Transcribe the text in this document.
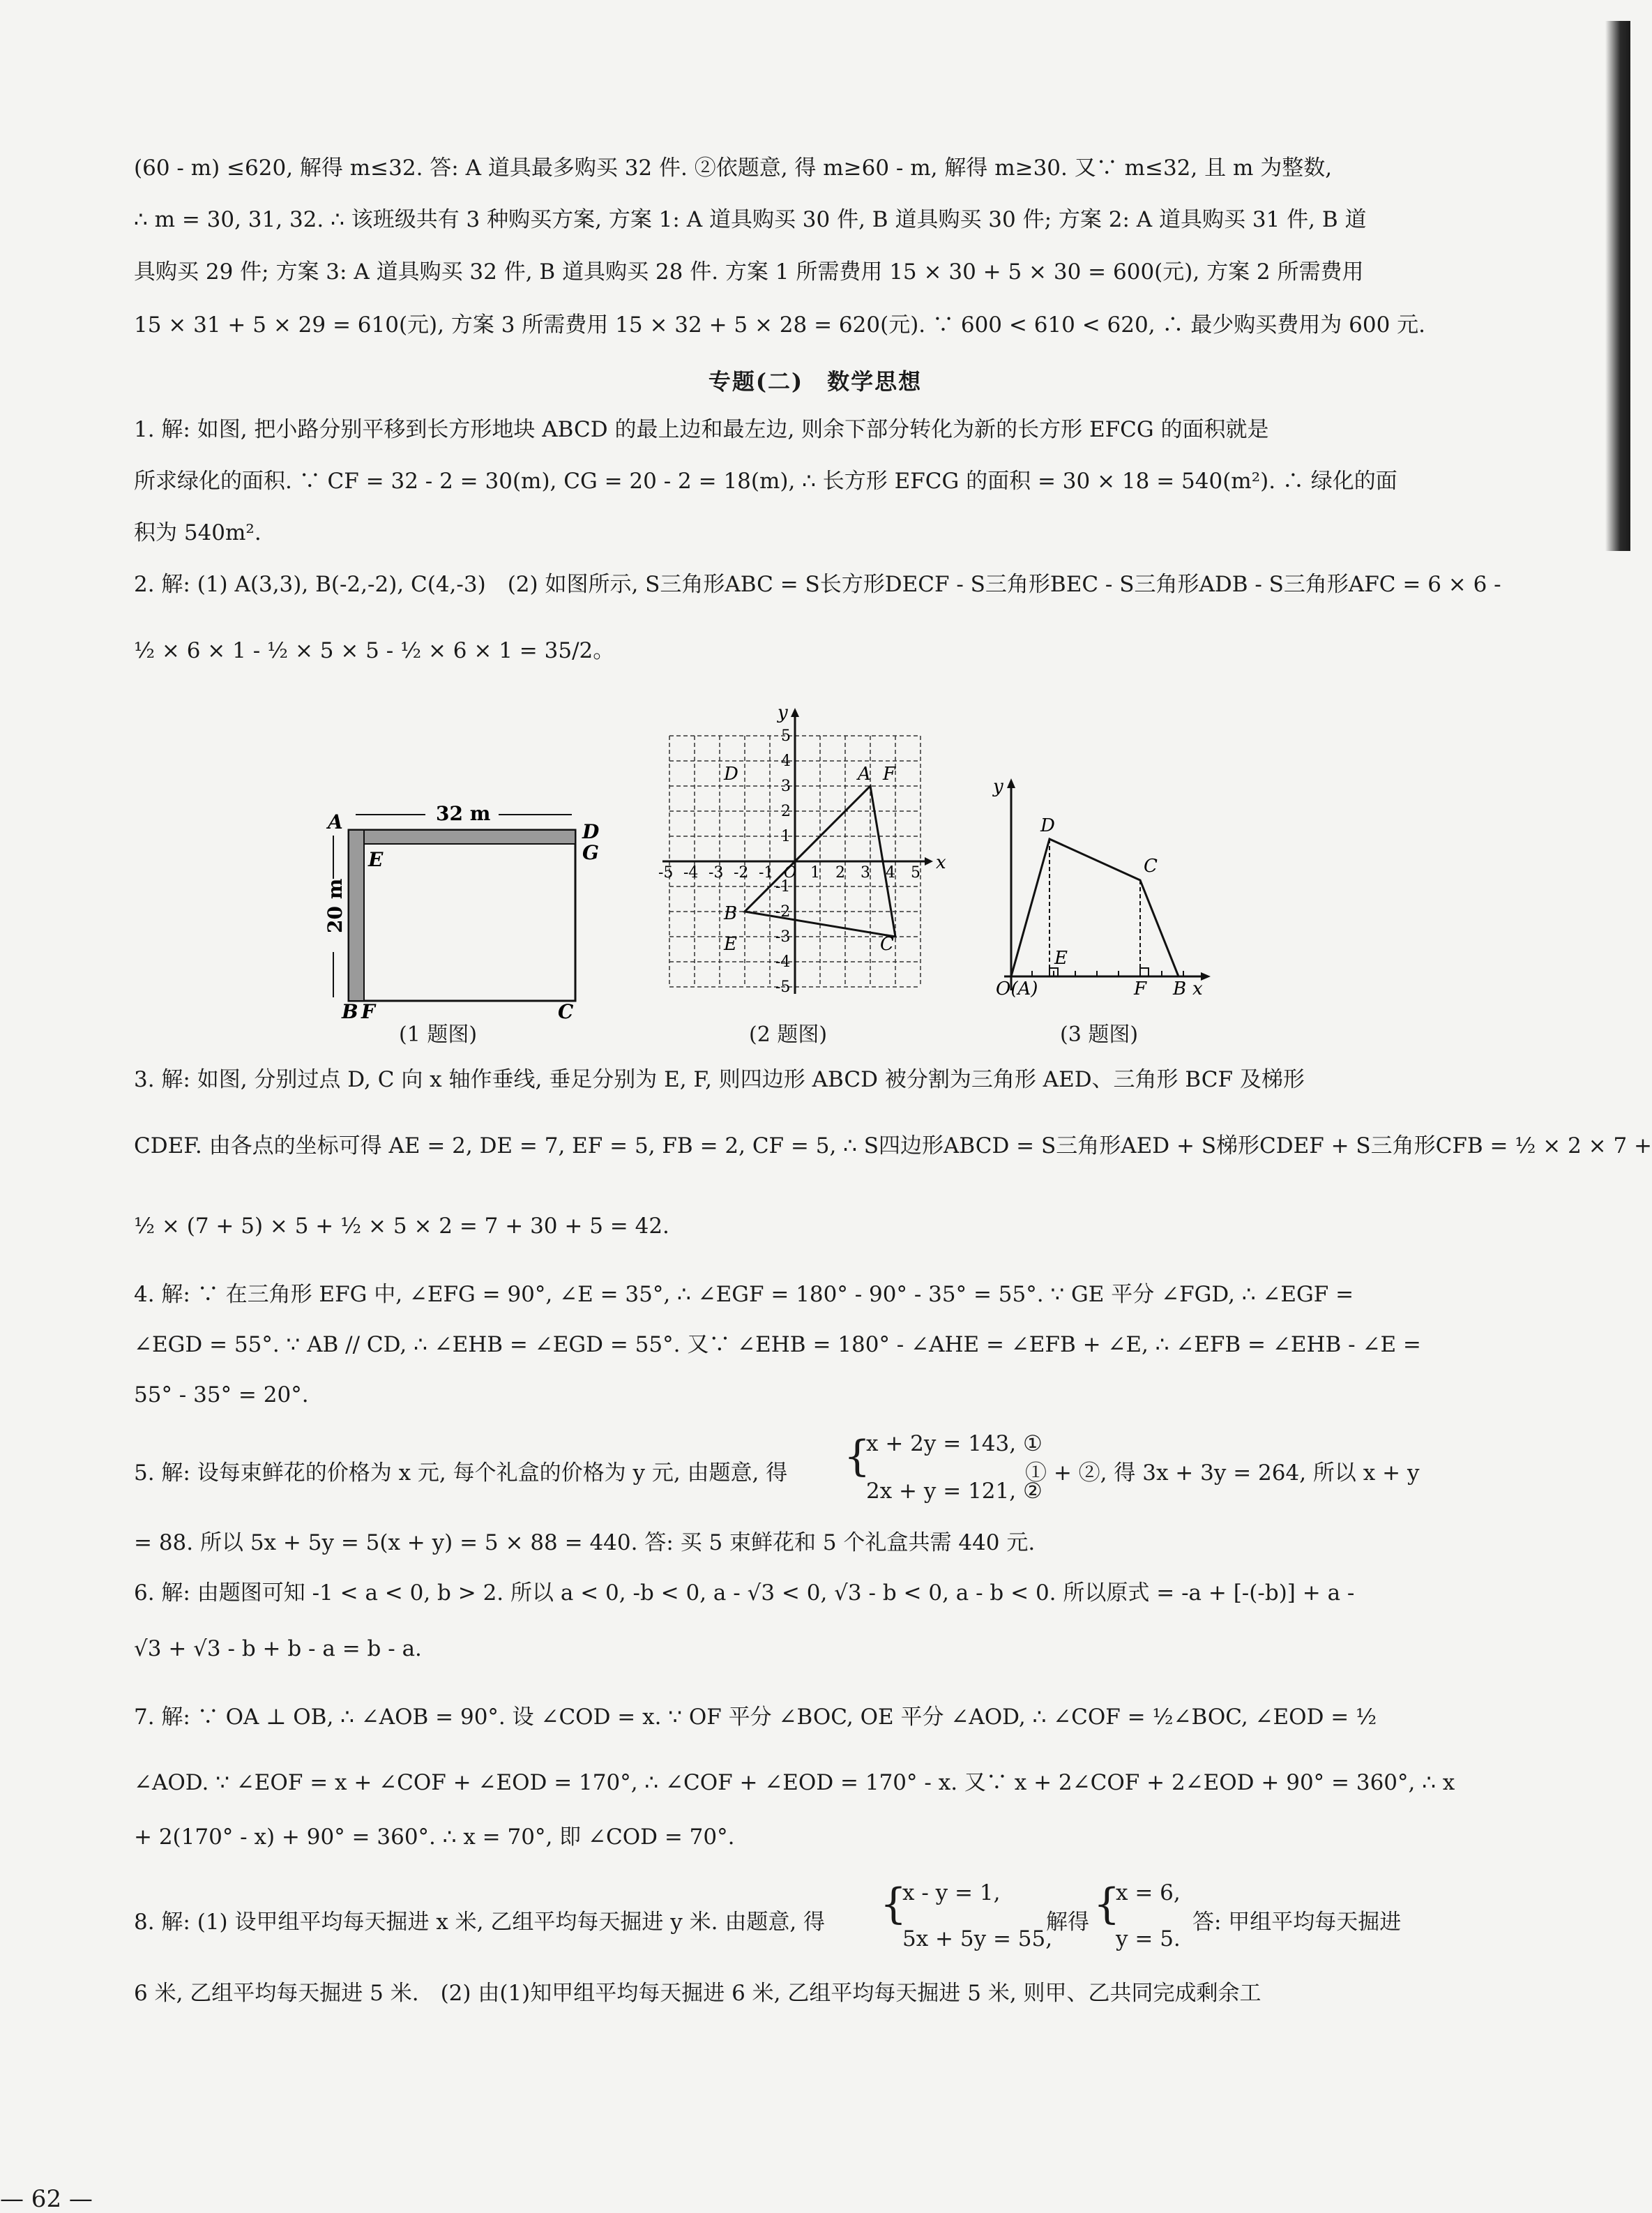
(60 - m) ≤620, 解得 m≤32. 答: A 道具最多购买 32 件. ②依题意, 得 m≥60 - m, 解得 m≥30. 又∵ m≤32, 且 m 为整数,
∴ m = 30, 31, 32. ∴ 该班级共有 3 种购买方案, 方案 1: A 道具购买 30 件, B 道具购买 30 件; 方案 2: A 道具购买 31 件, B 道
具购买 29 件; 方案 3: A 道具购买 32 件, B 道具购买 28 件. 方案 1 所需费用 15 × 30 + 5 × 30 = 600(元), 方案 2 所需费用
15 × 31 + 5 × 29 = 610(元), 方案 3 所需费用 15 × 32 + 5 × 28 = 620(元). ∵ 600 < 610 < 620, ∴ 最少购买费用为 600 元.
专题(二)　数学思想
1. 解: 如图, 把小路分别平移到长方形地块 ABCD 的最上边和最左边, 则余下部分转化为新的长方形 EFCG 的面积就是
所求绿化的面积. ∵ CF = 32 - 2 = 30(m), CG = 20 - 2 = 18(m), ∴ 长方形 EFCG 的面积 = 30 × 18 = 540(m²). ∴ 绿化的面
积为 540m².
2. 解: (1) A(3,3), B(-2,-2), C(4,-3)　(2) 如图所示, S三角形ABC = S长方形DECF - S三角形BEC - S三角形ADB - S三角形AFC = 6 × 6 -
½ × 6 × 1 - ½ × 5 × 5 - ½ × 6 × 1 = 35/2。
32 m
20 m
A
B	C
D
E
F
G
(1 题图)
x
y
-5 -4 -3 -2 -1 O 1 2 3 4 5
5
4
3
2
1
-1
-2
-3
-4
-5
A
B
C
D
E
F
(2 题图)
y
x
O(A)	B
C
D
E
F
(3 题图)
3. 解: 如图, 分别过点 D, C 向 x 轴作垂线, 垂足分别为 E, F, 则四边形 ABCD 被分割为三角形 AED、三角形 BCF 及梯形
CDEF. 由各点的坐标可得 AE = 2, DE = 7, EF = 5, FB = 2, CF = 5, ∴ S四边形ABCD = S三角形AED + S梯形CDEF + S三角形CFB = ½ × 2 × 7 +
½ × (7 + 5) × 5 + ½ × 5 × 2 = 7 + 30 + 5 = 42.
4. 解: ∵ 在三角形 EFG 中, ∠EFG = 90°, ∠E = 35°, ∴ ∠EGF = 180° - 90° - 35° = 55°. ∵ GE 平分 ∠FGD, ∴ ∠EGF =
∠EGD = 55°. ∵ AB // CD, ∴ ∠EHB = ∠EGD = 55°. 又∵ ∠EHB = 180° - ∠AHE = ∠EFB + ∠E, ∴ ∠EFB = ∠EHB - ∠E =
55° - 35° = 20°.
5. 解: 设每束鲜花的价格为 x 元, 每个礼盒的价格为 y 元, 由题意, 得 {
x + 2y = 143, ①
2x + y = 121, ②
① + ②, 得 3x + 3y = 264, 所以 x + y
= 88. 所以 5x + 5y = 5(x + y) = 5 × 88 = 440. 答: 买 5 束鲜花和 5 个礼盒共需 440 元.
6. 解: 由题图可知 -1 < a < 0, b > 2. 所以 a < 0, -b < 0, a - √3 < 0, √3 - b < 0, a - b < 0. 所以原式 = -a + [-(-b)] + a -
√3 + √3 - b + b - a = b - a.
7. 解: ∵ OA ⊥ OB, ∴ ∠AOB = 90°. 设 ∠COD = x. ∵ OF 平分 ∠BOC, OE 平分 ∠AOD, ∴ ∠COF = ½∠BOC, ∠EOD = ½
∠AOD. ∵ ∠EOF = x + ∠COF + ∠EOD = 170°, ∴ ∠COF + ∠EOD = 170° - x. 又∵ x + 2∠COF + 2∠EOD + 90° = 360°, ∴ x
+ 2(170° - x) + 90° = 360°. ∴ x = 70°, 即 ∠COD = 70°.
8. 解: (1) 设甲组平均每天掘进 x 米, 乙组平均每天掘进 y 米. 由题意, 得 {
x - y = 1,
5x + 5y = 55,
解得 {
x = 6,
y = 5.
答: 甲组平均每天掘进
6 米, 乙组平均每天掘进 5 米.　(2) 由(1)知甲组平均每天掘进 6 米, 乙组平均每天掘进 5 米, 则甲、乙共同完成剩余工
— 62 —
